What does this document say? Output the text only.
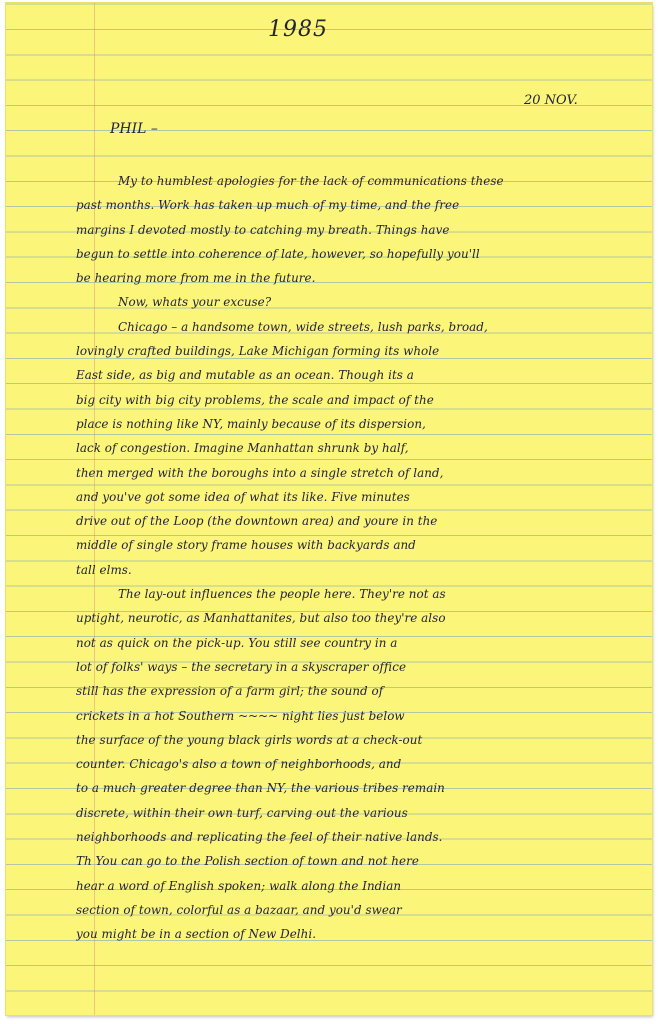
1985
20 NOV.
PHIL –
My to humblest apologies for the lack of communications these
past months. Work has taken up much of my time, and the free
margins I devoted mostly to catching my breath. Things have
begun to settle into coherence of late, however, so hopefully you'll
be hearing more from me in the future.
Now, whats your excuse?
Chicago – a handsome town, wide streets, lush parks, broad,
lovingly crafted buildings, Lake Michigan forming its whole
East side, as big and mutable as an ocean. Though its a
big city with big city problems, the scale and impact of the
place is nothing like NY, mainly because of its dispersion,
lack of congestion. Imagine Manhattan shrunk by half,
then merged with the boroughs into a single stretch of land,
and you've got some idea of what its like. Five minutes
drive out of the Loop (the downtown area) and youre in the
middle of single story frame houses with backyards and
tall elms.
The lay-out influences the people here. They're not as
uptight, neurotic, as Manhattanites, but also too they're also
not as quick on the pick-up. You still see country in a
lot of folks' ways – the secretary in a skyscraper office
still has the expression of a farm girl; the sound of
crickets in a hot Southern ~~~~ night lies just below
the surface of the young black girls words at a check-out
counter. Chicago's also a town of neighborhoods, and
to a much greater degree than NY, the various tribes remain
discrete, within their own turf, carving out the various
neighborhoods and replicating the feel of their native lands.
Th You can go to the Polish section of town and not here
hear a word of English spoken; walk along the Indian
section of town, colorful as a bazaar, and you'd swear
you might be in a section of New Delhi.
